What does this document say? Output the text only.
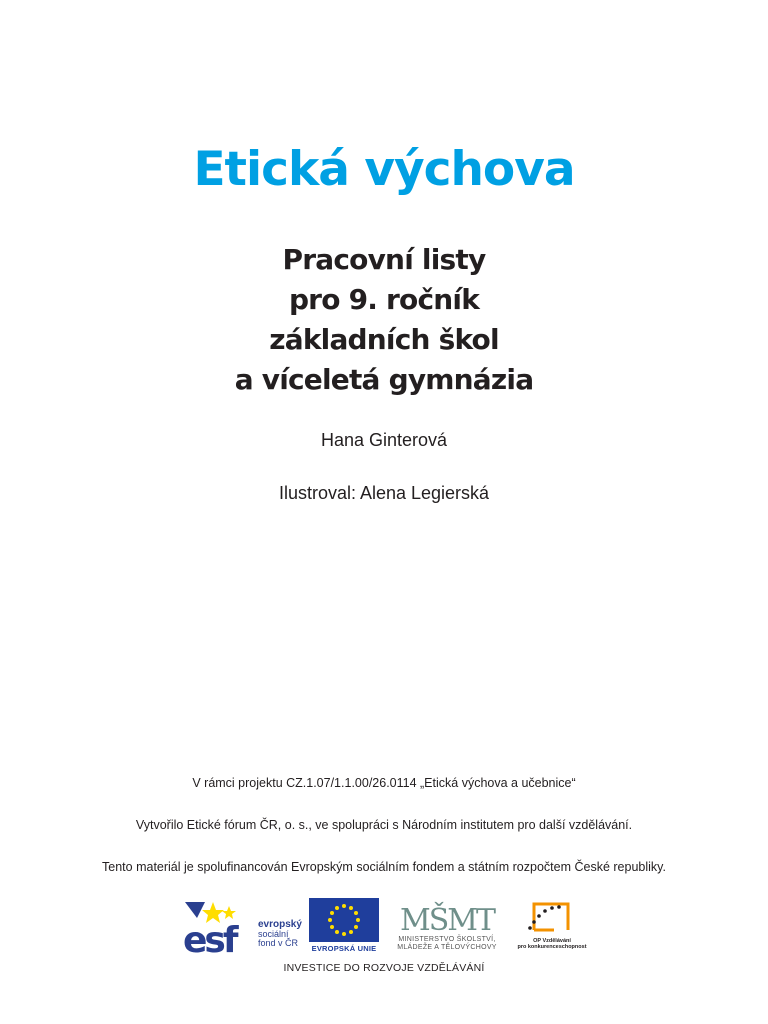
Etická výchova
Pracovní listy
pro 9. ročník
základních škol
a víceletá gymnázia
Hana Ginterová
Ilustroval: Alena Legierská
V rámci projektu CZ.1.07/1.1.00/26.0114 „Etická výchova a učebnice“
Vytvořilo Etické fórum ČR, o. s., ve spolupráci s Národním institutem pro další vzdělávání.
Tento materiál je spolufinancován Evropským sociálním fondem a státním rozpočtem České republiky.
esf	evropský
sociální
fond v ČR
EVROPSKÁ UNIE
MŠMT
MINISTERSTVO ŠKOLSTVÍ,
MLÁDEŽE A TĚLOVÝCHOVY
OP Vzdělávání
pro konkurenceschopnost
INVESTICE DO ROZVOJE VZDĚLÁVÁNÍ
